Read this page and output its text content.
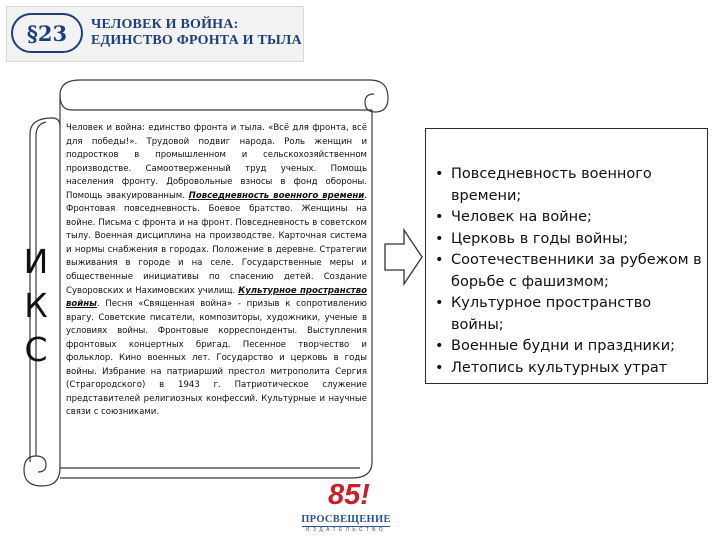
§23	ЧЕЛОВЕК И ВОЙНА:
ЕДИНСТВО ФРОНТА И ТЫЛА
И
К
С
Человек и война: единство фронта и тыла. «Всё для фронта, всё для победы!». Трудовой подвиг народа. Роль женщин и подростков в промышленном и сельскохозяйственном производстве. Самоотверженный труд ученых. Помощь населения фронту. Добровольные взносы в фонд обороны. Помощь эвакуированным. Повседневность военного времени. Фронтовая повседневность. Боевое братство. Женщины на войне. Письма с фронта и на фронт. Повседневность в советском тылу. Военная дисциплина на производстве. Карточная система и нормы снабжения в городах. Положение в деревне. Стратегии выживания в городе и на селе. Государственные меры и общественные инициативы по спасению детей. Создание Суворовских и Нахимовских училищ. Культурное пространство войны. Песня «Священная война» - призыв к сопротивлению врагу. Советские писатели, композиторы, художники, ученые в условиях войны. Фронтовые корреспонденты. Выступления фронтовых концертных бригад. Песенное творчество и фольклор. Кино военных лет. Государство и церковь в годы войны. Избрание на патриарший престол митрополита Сергия (Страгородского) в 1943 г. Патриотическое служение представителей религиозных конфессий. Культурные и научные связи с союзниками.
• Повседневность военного времени;
• Человек на войне;
• Церковь в годы войны;
• Соотечественники за рубежом в борьбе с фашизмом;
• Культурное пространство войны;
• Военные будни и праздники;
• Летопись культурных утрат
85!
ПРОСВЕЩЕНИЕ
ИЗДАТЕЛЬСТВО
